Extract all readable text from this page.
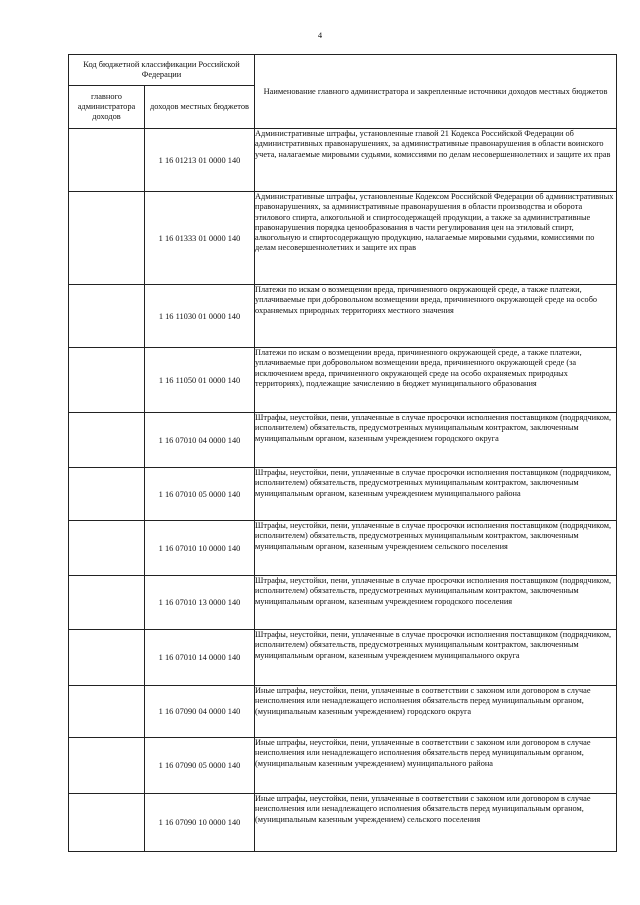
4
Код бюджетной классификации Российской Федерации		Наименование главного администратора и закрепленные источники доходов местных бюджетов
главного администратора доходов	доходов местных бюджетов	
	1 16 01213 01 0000 140	Административные штрафы, установленные главой 21 Кодекса Российской Федерации об административных правонарушениях, за административные правонарушения в области воинского учета, налагаемые мировыми судьями, комиссиями по делам несовершеннолетних и защите их прав
	1 16 01333 01 0000 140	Административные штрафы, установленные Кодексом Российской Федерации об административных правонарушениях, за административные правонарушения в области производства и оборота этилового спирта, алкогольной и спиртосодержащей продукции, а также за административные правонарушения порядка ценообразования в части регулирования цен на этиловый спирт, алкогольную и спиртосодержащую продукцию, налагаемые мировыми судьями, комиссиями по делам несовершеннолетних и защите их прав
	1 16 11030 01 0000 140	Платежи по искам о возмещении вреда, причиненного окружающей среде, а также платежи, уплачиваемые при добровольном возмещении вреда, причиненного окружающей среде на особо охраняемых природных территориях местного значения
	1 16 11050 01 0000 140	Платежи по искам о возмещении вреда, причиненного окружающей среде, а также платежи, уплачиваемые при добровольном возмещении вреда, причиненного окружающей среде (за исключением вреда, причиненного окружающей среде на особо охраняемых природных территориях), подлежащие зачислению в бюджет муниципального образования
	1 16 07010 04 0000 140	Штрафы, неустойки, пени, уплаченные в случае просрочки исполнения поставщиком (подрядчиком, исполнителем) обязательств, предусмотренных муниципальным контрактом, заключенным муниципальным органом, казенным учреждением городского округа
	1 16 07010 05 0000 140	Штрафы, неустойки, пени, уплаченные в случае просрочки исполнения поставщиком (подрядчиком, исполнителем) обязательств, предусмотренных муниципальным контрактом, заключенным муниципальным органом, казенным учреждением муниципального района
	1 16 07010 10 0000 140	Штрафы, неустойки, пени, уплаченные в случае просрочки исполнения поставщиком (подрядчиком, исполнителем) обязательств, предусмотренных муниципальным контрактом, заключенным муниципальным органом, казенным учреждением сельского поселения
	1 16 07010 13 0000 140	Штрафы, неустойки, пени, уплаченные в случае просрочки исполнения поставщиком (подрядчиком, исполнителем) обязательств, предусмотренных муниципальным контрактом, заключенным муниципальным органом, казенным учреждением городского поселения
	1 16 07010 14 0000 140	Штрафы, неустойки, пени, уплаченные в случае просрочки исполнения поставщиком (подрядчиком, исполнителем) обязательств, предусмотренных муниципальным контрактом, заключенным муниципальным органом, казенным учреждением муниципального округа
	1 16 07090 04 0000 140	Иные штрафы, неустойки, пени, уплаченные в соответствии с законом или договором в случае неисполнения или ненадлежащего исполнения обязательств перед муниципальным органом, (муниципальным казенным учреждением) городского округа
	1 16 07090 05 0000 140	Иные штрафы, неустойки, пени, уплаченные в соответствии с законом или договором в случае неисполнения или ненадлежащего исполнения обязательств перед муниципальным органом, (муниципальным казенным учреждением) муниципального района
	1 16 07090 10 0000 140	Иные штрафы, неустойки, пени, уплаченные в соответствии с законом или договором в случае неисполнения или ненадлежащего исполнения обязательств перед муниципальным органом, (муниципальным казенным учреждением) сельского поселения
